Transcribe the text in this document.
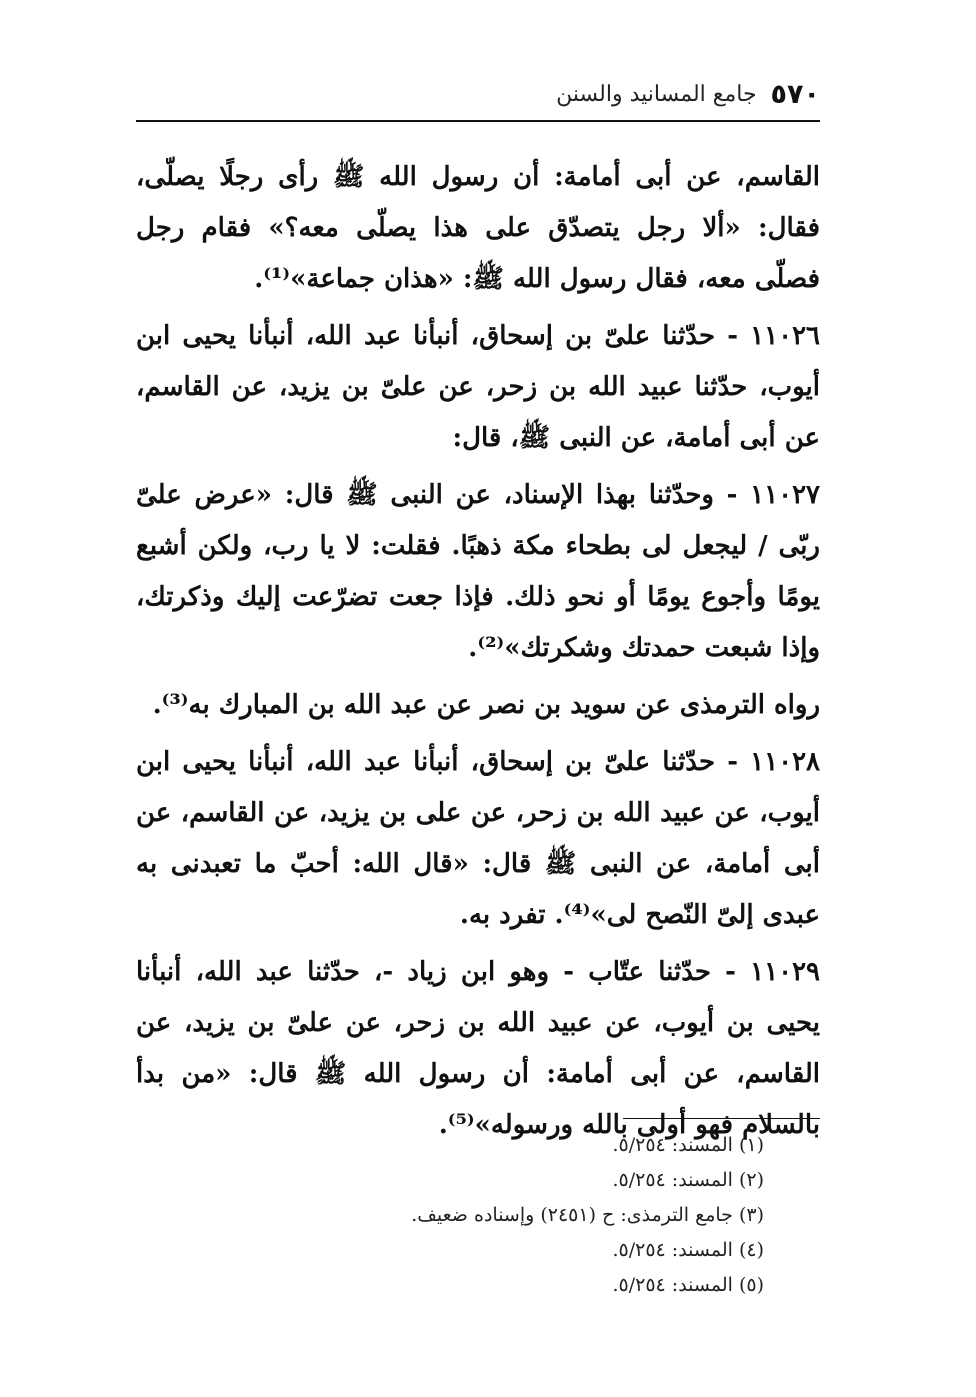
٥٧٠
جامع المسانيد والسنن

القاسم، عن أبى أمامة: أن رسول الله ﷺ رأى رجلًا يصلّى، فقال: «ألا رجل يتصدّق على هذا يصلّى معه؟» فقام رجل فصلّى معه، فقال رسول الله ﷺ: «هذان جماعة»⁽¹⁾.

١١٠٢٦ - حدّثنا علىّ بن إسحاق، أنبأنا عبد الله، أنبأنا يحيى ابن أيوب، حدّثنا عبيد الله بن زحر، عن علىّ بن يزيد، عن القاسم، عن أبى أمامة، عن النبى ﷺ، قال:

١١٠٢٧ - وحدّثنا بهذا الإسناد، عن النبى ﷺ قال: «عرض علىّ ربّى / ليجعل لى بطحاء مكة ذهبًا. فقلت: لا يا رب، ولكن أشبع يومًا وأجوع يومًا أو نحو ذلك. فإذا جعت تضرّعت إليك وذكرتك، وإذا شبعت حمدتك وشكرتك»⁽²⁾.

رواه الترمذى عن سويد بن نصر عن عبد الله بن المبارك به⁽³⁾.

١١٠٢٨ - حدّثنا علىّ بن إسحاق، أنبأنا عبد الله، أنبأنا يحيى ابن أيوب، عن عبيد الله بن زحر، عن على بن يزيد، عن القاسم، عن أبى أمامة، عن النبى ﷺ قال: «قال الله: أحبّ ما تعبدنى به عبدى إلىّ النّصح لى»⁽⁴⁾. تفرد به.

١١٠٢٩ - حدّثنا عتّاب - وهو ابن زياد -، حدّثنا عبد الله، أنبأنا يحيى بن أيوب، عن عبيد الله بن زحر، عن علىّ بن يزيد، عن القاسم، عن أبى أمامة: أن رسول الله ﷺ قال: «من بدأ بالسلام فهو أولى بالله ورسوله»⁽⁵⁾.

(١) المسند: ٥/٢٥٤.
(٢) المسند: ٥/٢٥٤.
(٣) جامع الترمذى: ح (٢٤٥١) وإسناده ضعيف.
(٤) المسند: ٥/٢٥٤.
(٥) المسند: ٥/٢٥٤.
